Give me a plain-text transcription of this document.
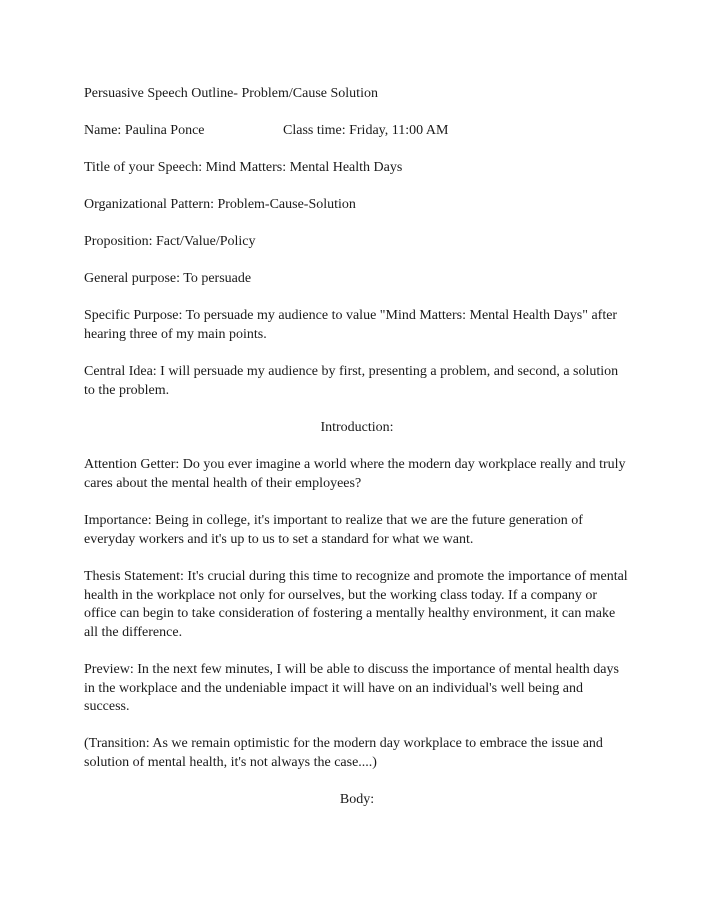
Persuasive Speech Outline- Problem/Cause Solution
Name: Paulina Ponce	Class time: Friday, 11:00 AM
Title of your Speech: Mind Matters: Mental Health Days
Organizational Pattern: Problem-Cause-Solution
Proposition: Fact/Value/Policy
General purpose: To persuade
Specific Purpose: To persuade my audience to value "Mind Matters: Mental Health Days" after
hearing three of my main points.
Central Idea: I will persuade my audience by first, presenting a problem, and second, a solution
to the problem.
Introduction:
Attention Getter: Do you ever imagine a world where the modern day workplace really and truly
cares about the mental health of their employees?
Importance: Being in college, it's important to realize that we are the future generation of
everyday workers and it's up to us to set a standard for what we want.
Thesis Statement: It's crucial during this time to recognize and promote the importance of mental
health in the workplace not only for ourselves, but the working class today. If a company or
office can begin to take consideration of fostering a mentally healthy environment, it can make
all the difference.
Preview: In the next few minutes, I will be able to discuss the importance of mental health days
in the workplace and the undeniable impact it will have on an individual's well being and
success.
(Transition: As we remain optimistic for the modern day workplace to embrace the issue and
solution of mental health, it's not always the case....)
Body:
